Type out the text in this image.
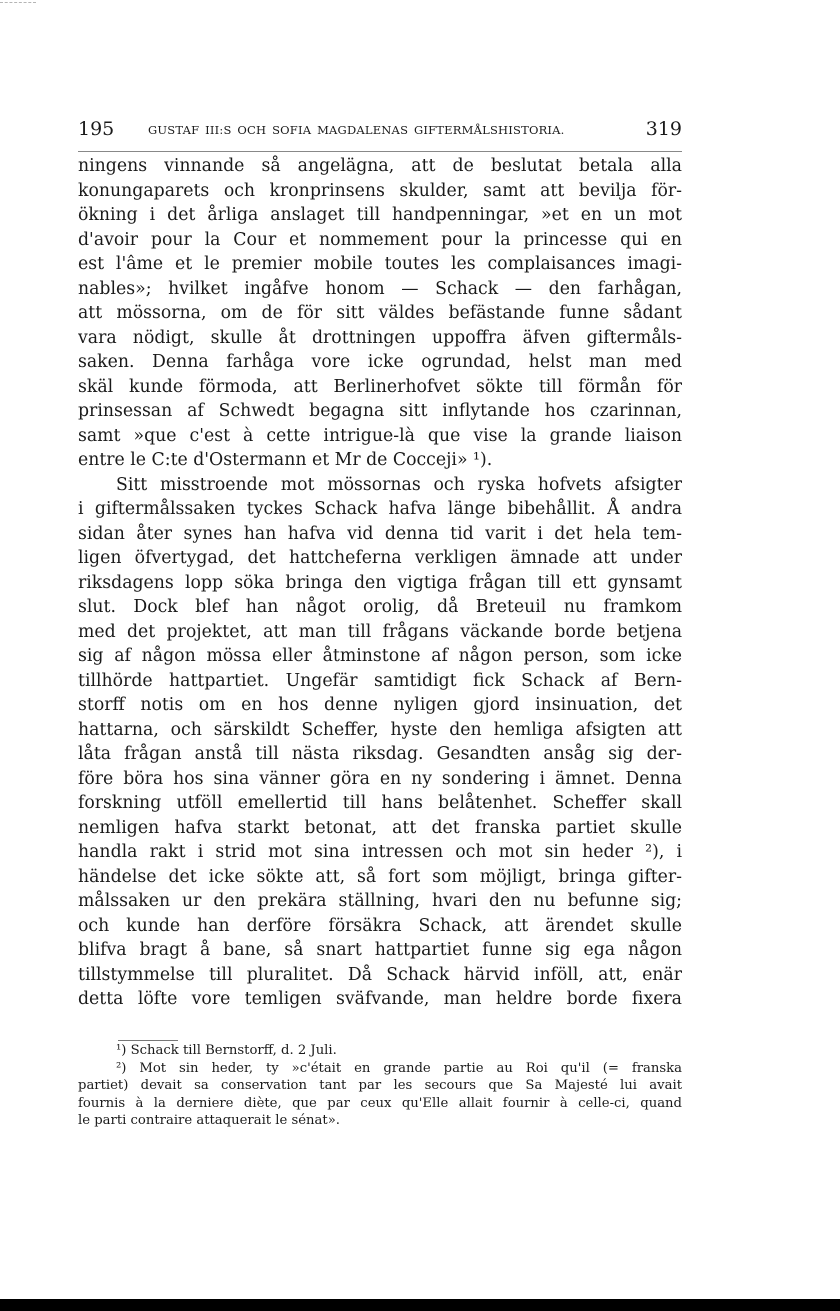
195	GUSTAF III:S OCH SOFIA MAGDALENAS GIFTERMÅLSHISTORIA.	319
ningens vinnande så angelägna, att de beslutat betala alla
konungaparets och kronprinsens skulder, samt att bevilja för-
ökning i det årliga anslaget till handpenningar, »et en un mot
d'avoir pour la Cour et nommement pour la princesse qui en
est l'âme et le premier mobile toutes les complaisances imagi-
nables»; hvilket ingåfve honom — Schack — den farhågan,
att mössorna, om de för sitt väldes befästande funne sådant
vara nödigt, skulle åt drottningen uppoffra äfven giftermåls-
saken. Denna farhåga vore icke ogrundad, helst man med
skäl kunde förmoda, att Berlinerhofvet sökte till förmån för
prinsessan af Schwedt begagna sitt inflytande hos czarinnan,
samt »que c'est à cette intrigue-là que vise la grande liaison
entre le C:te d'Ostermann et Mr de Cocceji» ¹).
Sitt misstroende mot mössornas och ryska hofvets afsigter
i giftermålssaken tyckes Schack hafva länge bibehållit. Å andra
sidan åter synes han hafva vid denna tid varit i det hela tem-
ligen öfvertygad, det hattcheferna verkligen ämnade att under
riksdagens lopp söka bringa den vigtiga frågan till ett gynsamt
slut. Dock blef han något orolig, då Breteuil nu framkom
med det projektet, att man till frågans väckande borde betjena
sig af någon mössa eller åtminstone af någon person, som icke
tillhörde hattpartiet. Ungefär samtidigt fick Schack af Bern-
storff notis om en hos denne nyligen gjord insinuation, det
hattarna, och särskildt Scheffer, hyste den hemliga afsigten att
låta frågan anstå till nästa riksdag. Gesandten ansåg sig der-
före böra hos sina vänner göra en ny sondering i ämnet. Denna
forskning utföll emellertid till hans belåtenhet. Scheffer skall
nemligen hafva starkt betonat, att det franska partiet skulle
handla rakt i strid mot sina intressen och mot sin heder ²), i
händelse det icke sökte att, så fort som möjligt, bringa gifter-
målssaken ur den prekära ställning, hvari den nu befunne sig;
och kunde han derföre försäkra Schack, att ärendet skulle
blifva bragt å bane, så snart hattpartiet funne sig ega någon
tillstymmelse till pluralitet. Då Schack härvid inföll, att, enär
detta löfte vore temligen sväfvande, man heldre borde fixera
¹) Schack till Bernstorff, d. 2 Juli.
²) Mot sin heder, ty »c'était en grande partie au Roi qu'il (= franska
partiet) devait sa conservation tant par les secours que Sa Majesté lui avait
fournis à la derniere diète, que par ceux qu'Elle allait fournir à celle-ci, quand
le parti contraire attaquerait le sénat».
